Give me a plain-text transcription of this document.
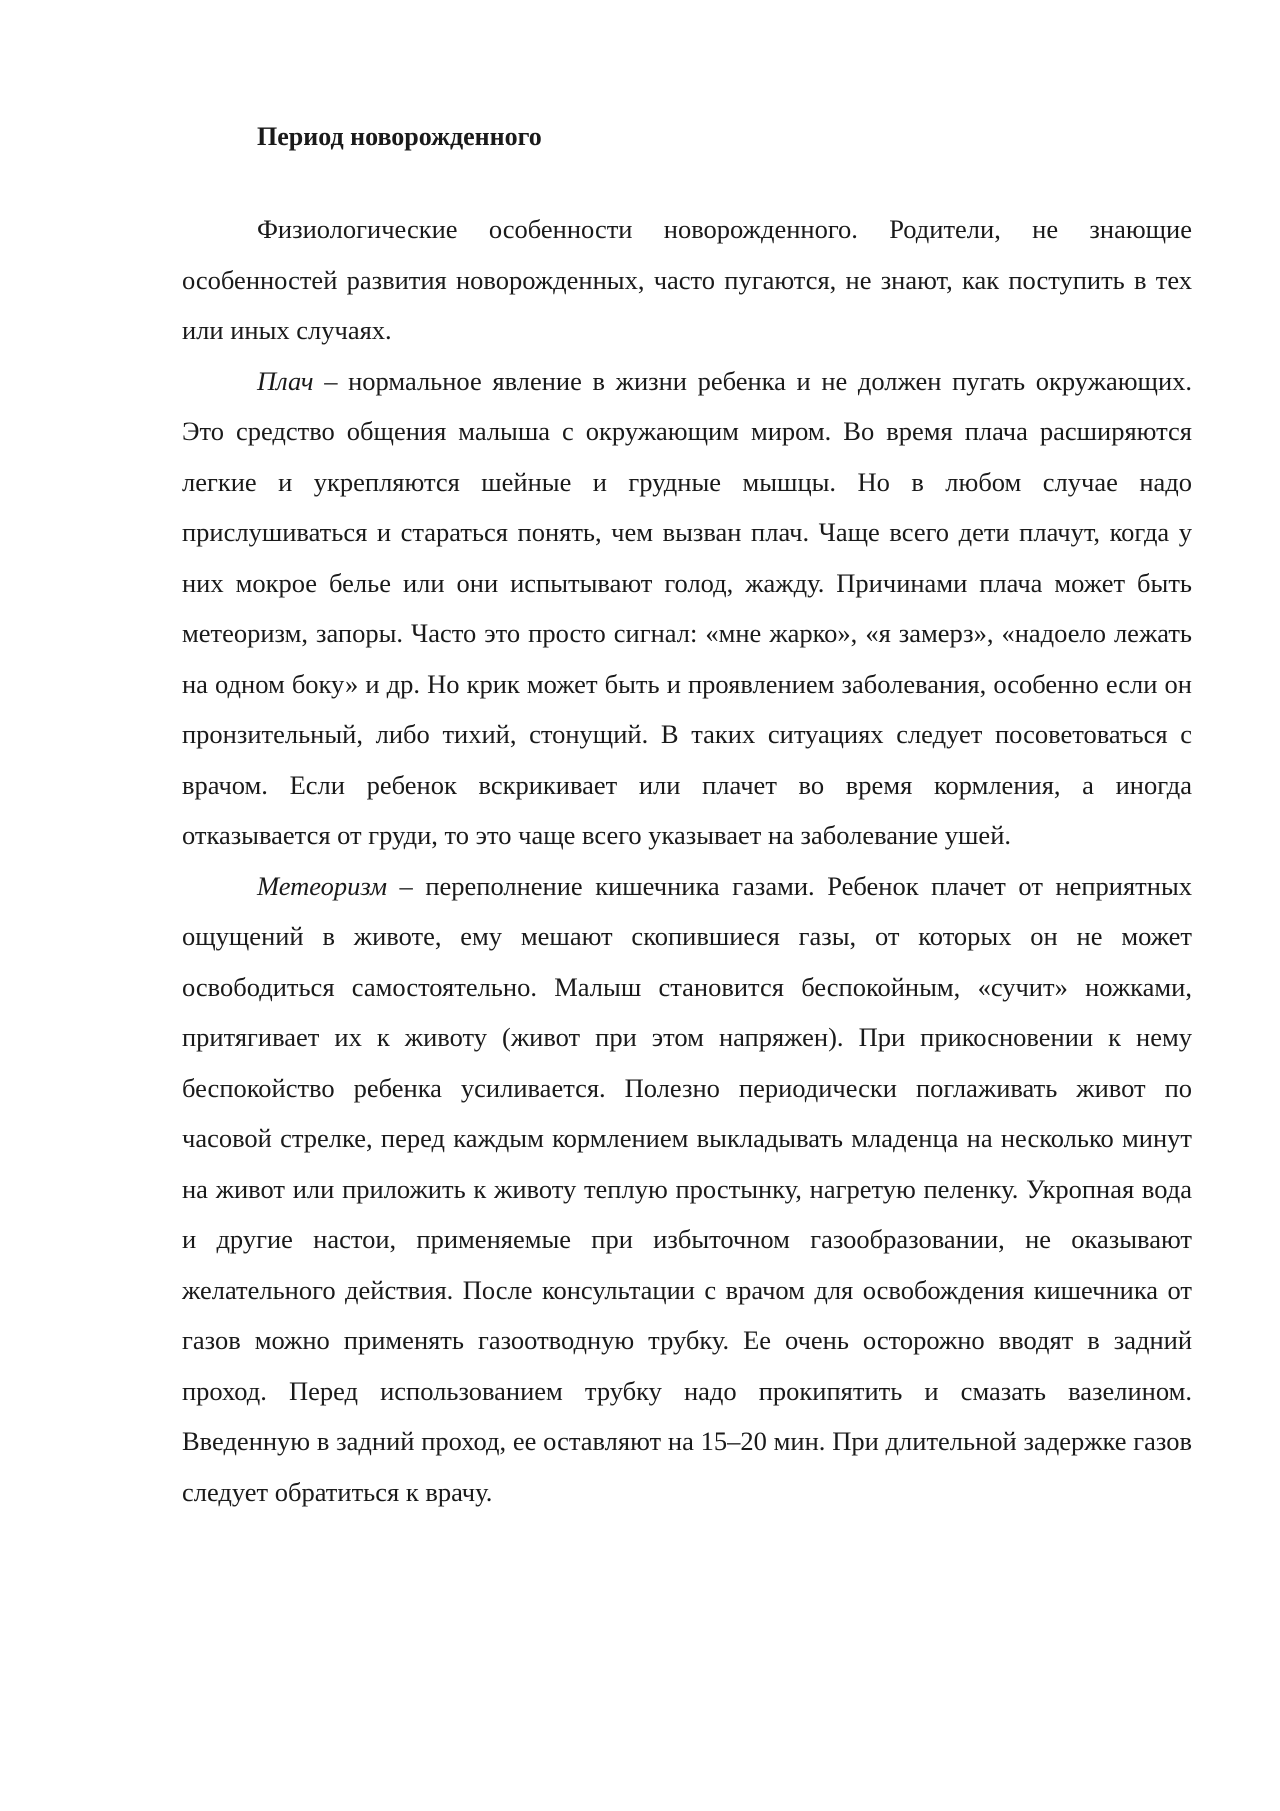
Период новорожденного

Физиологические особенности новорожденного. Родители, не знающие особенностей развития новорожденных, часто пугаются, не знают, как поступить в тех или иных случаях.

Плач – нормальное явление в жизни ребенка и не должен пугать окружающих. Это средство общения малыша с окружающим миром. Во время плача расширяются легкие и укрепляются шейные и грудные мышцы. Но в любом случае надо прислушиваться и стараться понять, чем вызван плач. Чаще всего дети плачут, когда у них мокрое белье или они испытывают голод, жажду. Причинами плача может быть метеоризм, запоры. Часто это просто сигнал: «мне жарко», «я замерз», «надоело лежать на одном боку» и др. Но крик может быть и проявлением заболевания, особенно если он пронзительный, либо тихий, стонущий. В таких ситуациях следует посоветоваться с врачом. Если ребенок вскрикивает или плачет во время кормления, а иногда отказывается от груди, то это чаще всего указывает на заболевание ушей.

Метеоризм – переполнение кишечника газами. Ребенок плачет от неприятных ощущений в животе, ему мешают скопившиеся газы, от которых он не может освободиться самостоятельно. Малыш становится беспокойным, «сучит» ножками, притягивает их к животу (живот при этом напряжен). При прикосновении к нему беспокойство ребенка усиливается. Полезно периодически поглаживать живот по часовой стрелке, перед каждым кормлением выкладывать младенца на несколько минут на живот или приложить к животу теплую простынку, нагретую пеленку. Укропная вода и другие настои, применяемые при избыточном газообразовании, не оказывают желательного действия. После консультации с врачом для освобождения кишечника от газов можно применять газоотводную трубку. Ее очень осторожно вводят в задний проход. Перед использованием трубку надо прокипятить и смазать вазелином. Введенную в задний проход, ее оставляют на 15–20 мин. При длительной задержке газов следует обратиться к врачу.
